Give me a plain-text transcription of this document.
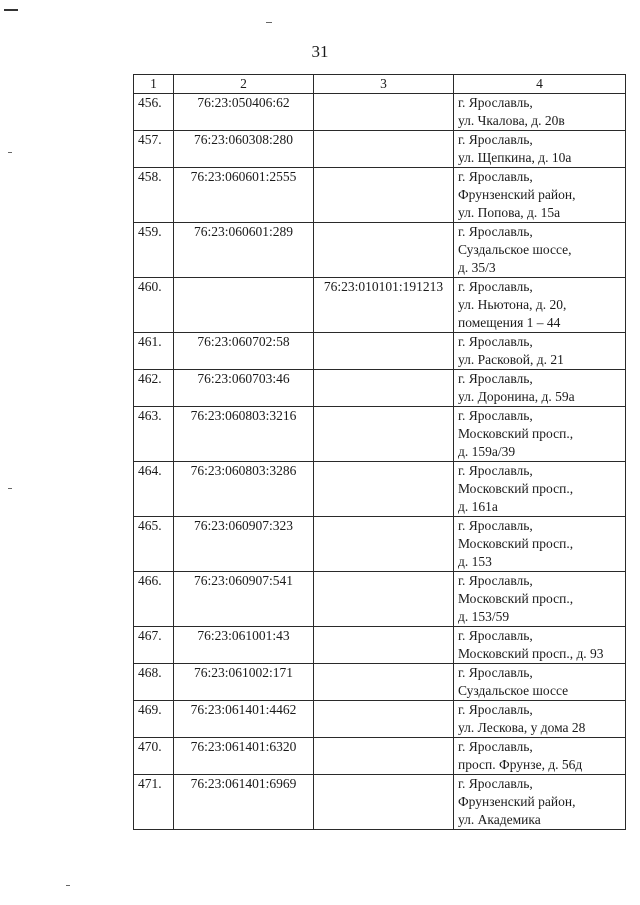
31
1	2	3	4
456.	76:23:050406:62		г. Ярославль,
ул. Чкалова, д. 20в

457.	76:23:060308:280		г. Ярославль,
ул. Щепкина, д. 10а

458.	76:23:060601:2555		г. Ярославль,
Фрунзенский район,
ул. Попова, д. 15а

459.	76:23:060601:289		г. Ярославль,
Суздальское шоссе,
д. 35/3

460.		76:23:010101:191213	г. Ярославль,
ул. Ньютона, д. 20,
помещения 1 – 44

461.	76:23:060702:58		г. Ярославль,
ул. Расковой, д. 21

462.	76:23:060703:46		г. Ярославль,
ул. Доронина, д. 59а

463.	76:23:060803:3216		г. Ярославль,
Московский просп.,
д. 159а/39

464.	76:23:060803:3286		г. Ярославль,
Московский просп.,
д. 161а

465.	76:23:060907:323		г. Ярославль,
Московский просп.,
д. 153

466.	76:23:060907:541		г. Ярославль,
Московский просп.,
д. 153/59

467.	76:23:061001:43		г. Ярославль,
Московский просп., д. 93

468.	76:23:061002:171		г. Ярославль,
Суздальское шоссе

469.	76:23:061401:4462		г. Ярославль,
ул. Лескова, у дома 28

470.	76:23:061401:6320		г. Ярославль,
просп. Фрунзе, д. 56д

471.	76:23:061401:6969		г. Ярославль,
Фрунзенский район,
ул. Академика
